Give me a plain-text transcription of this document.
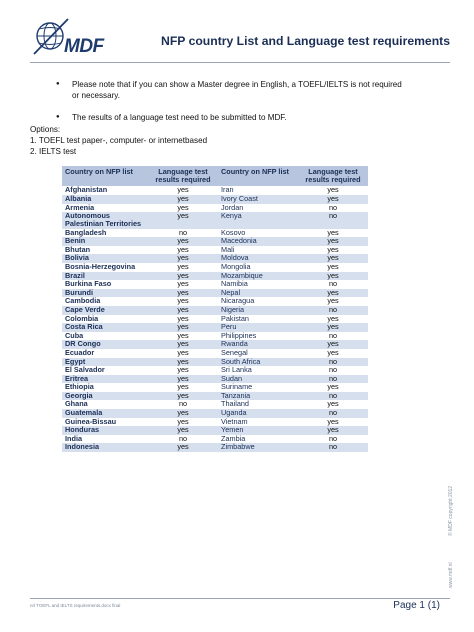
MDF	NFP country List and Language test requirements
● Please note that if you can show a Master degree in English, a TOEFL/IELTS is not required or necessary.
● The results of a language test need to be submitted to MDF.
Options:
1. TOEFL test paper-, computer- or internetbased
2. IELTS test
Country on NFP list	Language test results required	Country on NFP list	Language test results required
Afghanistan	yes	Iran	yes
Albania	yes	Ivory Coast	yes
Armenia	yes	Jordan	no
Autonomous Palestinian Territories	yes	Kenya	no
Bangladesh	no	Kosovo	yes
Benin	yes	Macedonia	yes
Bhutan	yes	Mali	yes
Bolivia	yes	Moldova	yes
Bosnia-Herzegovina	yes	Mongolia	yes
Brazil	yes	Mozambique	yes
Burkina Faso	yes	Namibia	no
Burundi	yes	Nepal	yes
Cambodia	yes	Nicaragua	yes
Cape Verde	yes	Nigeria	no
Colombia	yes	Pakistan	yes
Costa Rica	yes	Peru	yes
Cuba	yes	Philippines	no
DR Congo	yes	Rwanda	yes
Ecuador	yes	Senegal	yes
Egypt	yes	South Africa	no
El Salvador	yes	Sri Lanka	no
Eritrea	yes	Sudan	no
Ethiopia	yes	Suriname	yes
Georgia	yes	Tanzania	no
Ghana	no	Thailand	yes
Guatemala	yes	Uganda	no
Guinea-Bissau	yes	Vietnam	yes
Honduras	yes	Yemen	yes
India	no	Zambia	no
Indonesia	yes	Zimbabwe	no
© MDF copyright 2012
www.mdf.nl
nrl TOEFL and IELTS requirements.docx final	Page 1 (1)
